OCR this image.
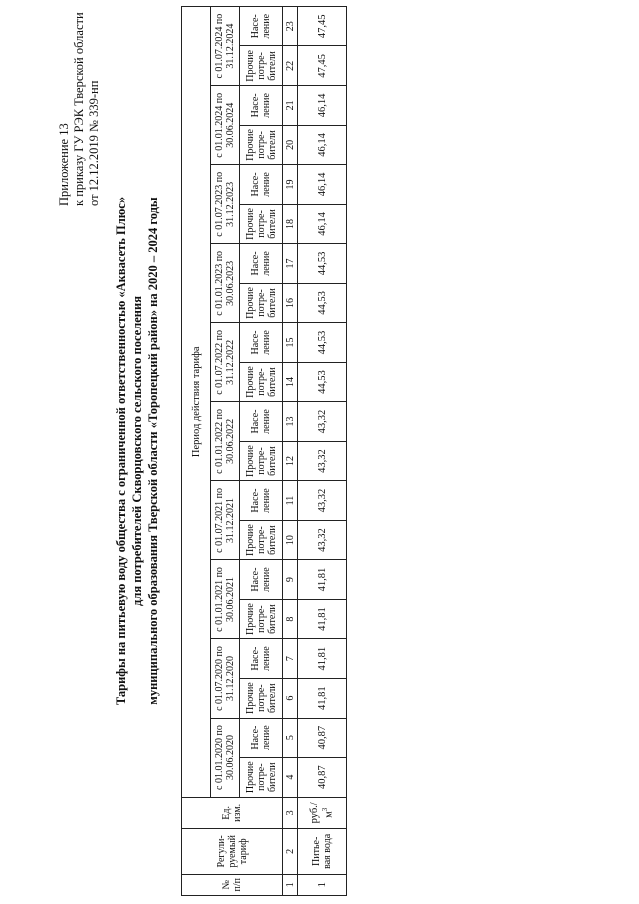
Приложение 13 к приказу ГУ РЭК Тверской области от 12.12.2019 № 339-нп
Тарифы на питьевую воду общества с ограниченной ответственностью «Аквасеть Плюс» для потребителей Скворцовского сельского поселения муниципального образования Тверской области «Торопецкий район» на 2020 – 2024 годы
№ п/п	Регули-руемый тариф	Ед. изм.	Период действия тарифа																			
			с 01.01.2020 по 30.06.2020		с 01.07.2020 по 31.12.2020		с 01.01.2021 по 30.06.2021		с 01.07.2021 по 31.12.2021		с 01.01.2022 по 30.06.2022		с 01.07.2022 по 31.12.2022		с 01.01.2023 по 30.06.2023		с 01.07.2023 по 31.12.2023		с 01.01.2024 по 30.06.2024		с 01.07.2024 по 31.12.2024	
			Прочие потре-бители	Насе-ление	Прочие потре-бители	Насе-ление	Прочие потре-бители	Насе-ление	Прочие потре-бители	Насе-ление	Прочие потре-бители	Насе-ление	Прочие потре-бители	Насе-ление	Прочие потре-бители	Насе-ление	Прочие потре-бители	Насе-ление	Прочие потре-бители	Насе-ление	Прочие потре-бители	Насе-ление
1	2	3	4	5	6	7	8	9	10	11	12	13	14	15	16	17	18	19	20	21	22	23
1	Питье-вая вода	$руб./м^3$	40,87	40,87	41,81	41,81	41,81	41,81	43,32	43,32	43,32	43,32	44,53	44,53	44,53	44,53	46,14	46,14	46,14	46,14	47,45	47,45
